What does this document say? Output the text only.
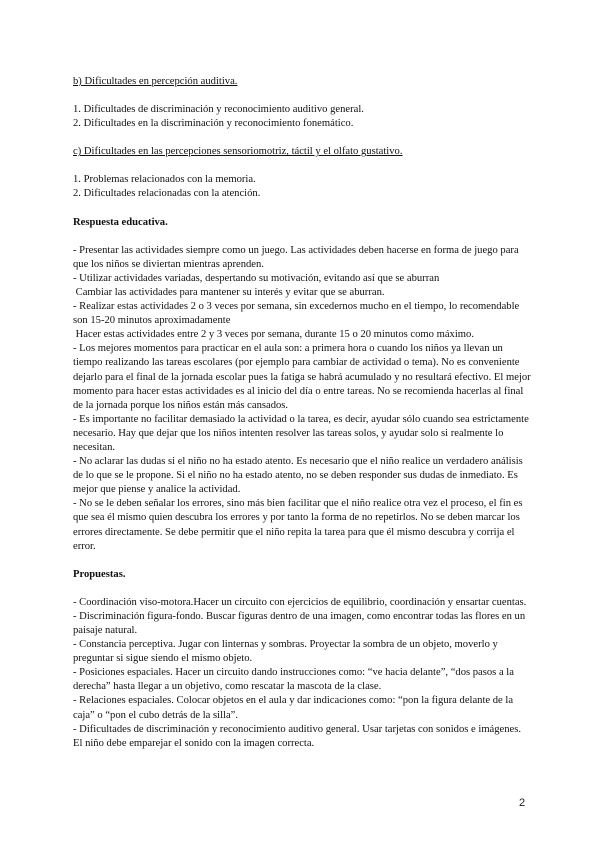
b) Dificultades en percepción auditiva.

1. Dificultades de discriminación y reconocimiento auditivo general.

2. Dificultades en la discriminación y reconocimiento fonemático.

c) Dificultades en las percepciones sensoriomotriz, táctil y el olfato gustativo.

1. Problemas relacionados con la memoria.

2. Dificultades relacionadas con la atención.

Respuesta educativa.

- Presentar las actividades siempre como un juego. Las actividades deben hacerse en forma de juego para que los niños se diviertan mientras aprenden.

- Utilizar actividades variadas, despertando su motivación, evitando así que se aburran

Cambiar las actividades para mantener su interés y evitar que se aburran.

- Realizar estas actividades 2 o 3 veces por semana, sin excedernos mucho en el tiempo, lo recomendable son 15-20 minutos aproximadamente

Hacer estas actividades entre 2 y 3 veces por semana, durante 15 o 20 minutos como máximo.

- Los mejores momentos para practicar en el aula son: a primera hora o cuando los niños ya llevan un tiempo realizando las tareas escolares (por ejemplo para cambiar de actividad o tema). No es conveniente dejarlo para el final de la jornada escolar pues la fatiga se habrá acumulado y no resultará efectivo. El mejor momento para hacer estas actividades es al inicio del día o entre tareas. No se recomienda hacerlas al final de la jornada porque los niños están más cansados.

- Es importante no facilitar demasiado la actividad o la tarea, es decir, ayudar sólo cuando sea estrictamente necesario. Hay que dejar que los niños intenten resolver las tareas solos, y ayudar solo si realmente lo necesitan.

- No aclarar las dudas si el niño no ha estado atento. Es necesario que el niño realice un verdadero análisis de lo que se le propone. Si el niño no ha estado atento, no se deben responder sus dudas de inmediato. Es mejor que piense y analice la actividad.

- No se le deben señalar los errores, sino más bien facilitar que el niño realice otra vez el proceso, el fin es que sea él mismo quien descubra los errores y por tanto la forma de no repetirlos. No se deben marcar los errores directamente. Se debe permitir que el niño repita la tarea para que él mismo descubra y corrija el error.

Propuestas.

- Coordinación viso-motora.Hacer un circuito con ejercicios de equilibrio, coordinación y ensartar cuentas.

- Discriminación figura-fondo. Buscar figuras dentro de una imagen, como encontrar todas las flores en un paisaje natural.

- Constancia perceptiva. Jugar con linternas y sombras. Proyectar la sombra de un objeto, moverlo y preguntar si sigue siendo el mismo objeto.

- Posiciones espaciales. Hacer un circuito dando instrucciones como: “ve hacia delante”, “dos pasos a la derecha” hasta llegar a un objetivo, como rescatar la mascota de la clase.

- Relaciones espaciales. Colocar objetos en el aula y dar indicaciones como: “pon la figura delante de la caja” o “pon el cubo detrás de la silla”.

- Dificultades de discriminación y reconocimiento auditivo general. Usar tarjetas con sonidos e imágenes. El niño debe emparejar el sonido con la imagen correcta.

2
